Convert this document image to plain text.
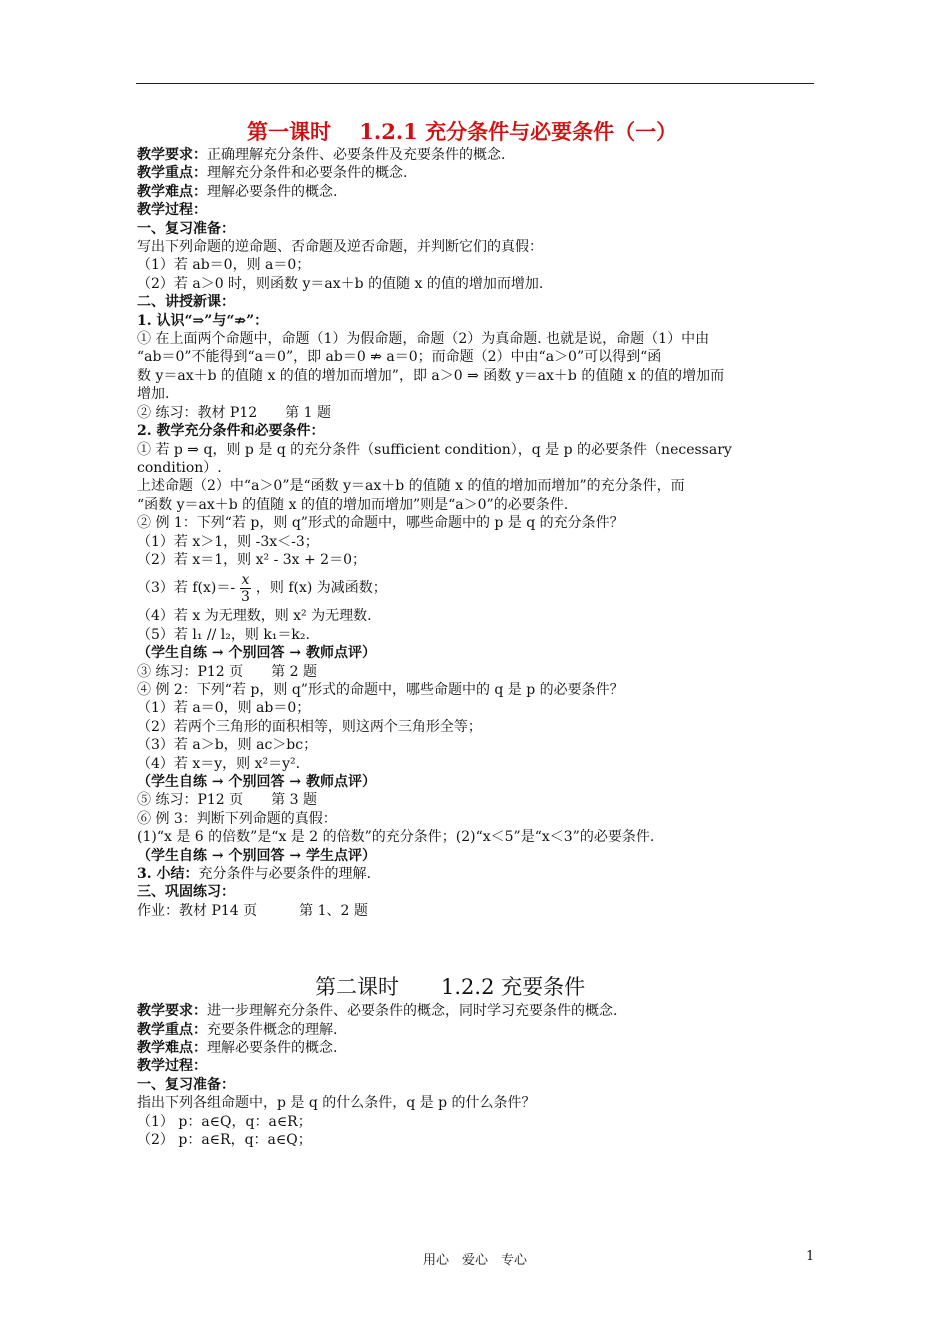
第一课时　 1.2.1 充分条件与必要条件（一）
教学要求：正确理解充分条件、必要条件及充要条件的概念.
教学重点：理解充分条件和必要条件的概念.
教学难点：理解必要条件的概念.
教学过程：
一、复习准备：
写出下列命题的逆命题、否命题及逆否命题，并判断它们的真假：
（1）若 ab＝0，则 a＝0；
（2）若 a＞0 时，则函数 y＝ax＋b 的值随 x 的值的增加而增加.
二、讲授新课：
1. 认识“⇒”与“⇏”：
① 在上面两个命题中，命题（1）为假命题，命题（2）为真命题. 也就是说，命题（1）中由
“ab＝0”不能得到“a＝0”，即 ab＝0 ⇏ a＝0；而命题（2）中由“a＞0”可以得到“函
数 y＝ax＋b 的值随 x 的值的增加而增加”，即 a＞0 ⇒ 函数 y＝ax＋b 的值随 x 的值的增加而
增加.
② 练习：教材 P12　　第 1 题
2. 教学充分条件和必要条件：
① 若 p ⇒ q，则 p 是 q 的充分条件（sufficient condition），q 是 p 的必要条件（necessary
condition）.
上述命题（2）中“a＞0”是“函数 y＝ax＋b 的值随 x 的值的增加而增加”的充分条件，而
“函数 y＝ax＋b 的值随 x 的值的增加而增加”则是“a＞0”的必要条件.
② 例 1：下列“若 p，则 q”形式的命题中，哪些命题中的 p 是 q 的充分条件？
（1）若 x＞1，则 -3x＜-3；
（2）若 x＝1，则 x² - 3x + 2＝0；
（3）若 $f(x)=- \frac{x}{3}$ ，则 f(x) 为减函数；
（4）若 x 为无理数，则 x² 为无理数.
（5）若 l₁ // l₂，则 k₁＝k₂.
（学生自练 → 个别回答 → 教师点评）
③ 练习：P12 页　　第 2 题
④ 例 2：下列“若 p，则 q”形式的命题中，哪些命题中的 q 是 p 的必要条件？
（1）若 a＝0，则 ab＝0；
（2）若两个三角形的面积相等，则这两个三角形全等；
（3）若 a＞b，则 ac＞bc；
（4）若 x＝y，则 x²＝y².
（学生自练 → 个别回答 → 教师点评）
⑤ 练习：P12 页　　第 3 题
⑥ 例 3：判断下列命题的真假：
(1)“x 是 6 的倍数”是“x 是 2 的倍数”的充分条件；(2)“x＜5”是“x＜3”的必要条件.
（学生自练 → 个别回答 → 学生点评）
3. 小结：充分条件与必要条件的理解.
三、巩固练习：
作业：教材 P14 页　　　第 1、2 题
第二课时　　1.2.2 充要条件
教学要求：进一步理解充分条件、必要条件的概念，同时学习充要条件的概念.
教学重点：充要条件概念的理解.
教学难点：理解必要条件的概念.
教学过程：
一、复习准备：
指出下列各组命题中，p 是 q 的什么条件，q 是 p 的什么条件？
（1） p：a∈Q，q：a∈R；
（2） p：a∈R，q：a∈Q；
用心　爱心　专心	1
